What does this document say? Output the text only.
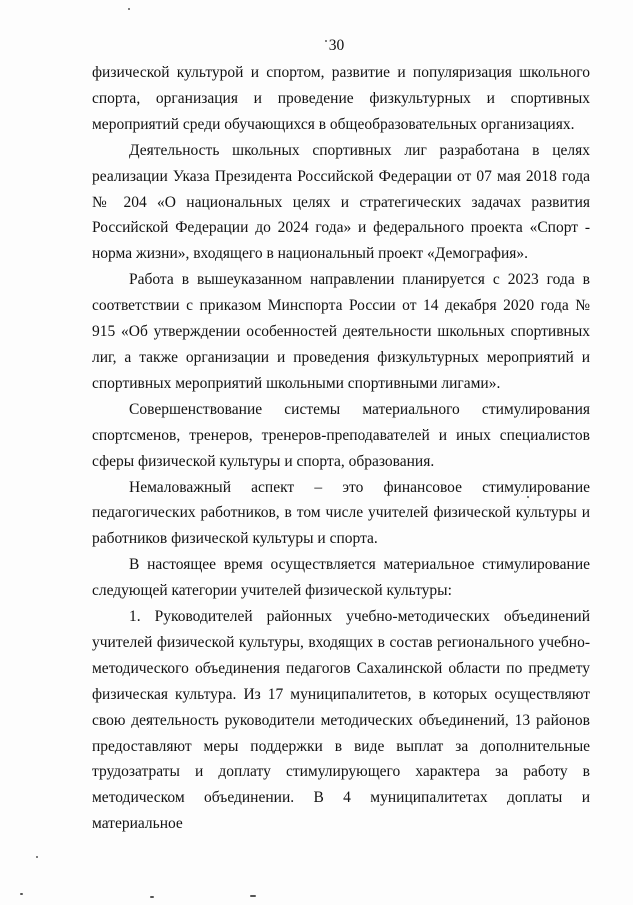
30

физической культурой и спортом, развитие и популяризация школьного спорта, организация и проведение физкультурных и спортивных мероприятий среди обучающихся в общеобразовательных организациях.

Деятельность школьных спортивных лиг разработана в целях реализации Указа Президента Российской Федерации от 07 мая 2018 года № 204 «О национальных целях и стратегических задачах развития Российской Федерации до 2024 года» и федерального проекта «Спорт - норма жизни», входящего в национальный проект «Демография».

Работа в вышеуказанном направлении планируется с 2023 года в соответствии с приказом Минспорта России от 14 декабря 2020 года № 915 «Об утверждении особенностей деятельности школьных спортивных лиг, а также организации и проведения физкультурных мероприятий и спортивных мероприятий школьными спортивными лигами».

Совершенствование системы материального стимулирования спортсменов, тренеров, тренеров-преподавателей и иных специалистов сферы физической культуры и спорта, образования.

Немаловажный аспект – это финансовое стимулирование педагогических работников, в том числе учителей физической культуры и работников физической культуры и спорта.

В настоящее время осуществляется материальное стимулирование следующей категории учителей физической культуры:

1. Руководителей районных учебно-методических объединений учителей физической культуры, входящих в состав регионального учебно-методического объединения педагогов Сахалинской области по предмету физическая культура. Из 17 муниципалитетов, в которых осуществляют свою деятельность руководители методических объединений, 13 районов предоставляют меры поддержки в виде выплат за дополнительные трудозатраты и доплату стимулирующего характера за работу в методическом объединении. В 4 муниципалитетах доплаты и материальное
